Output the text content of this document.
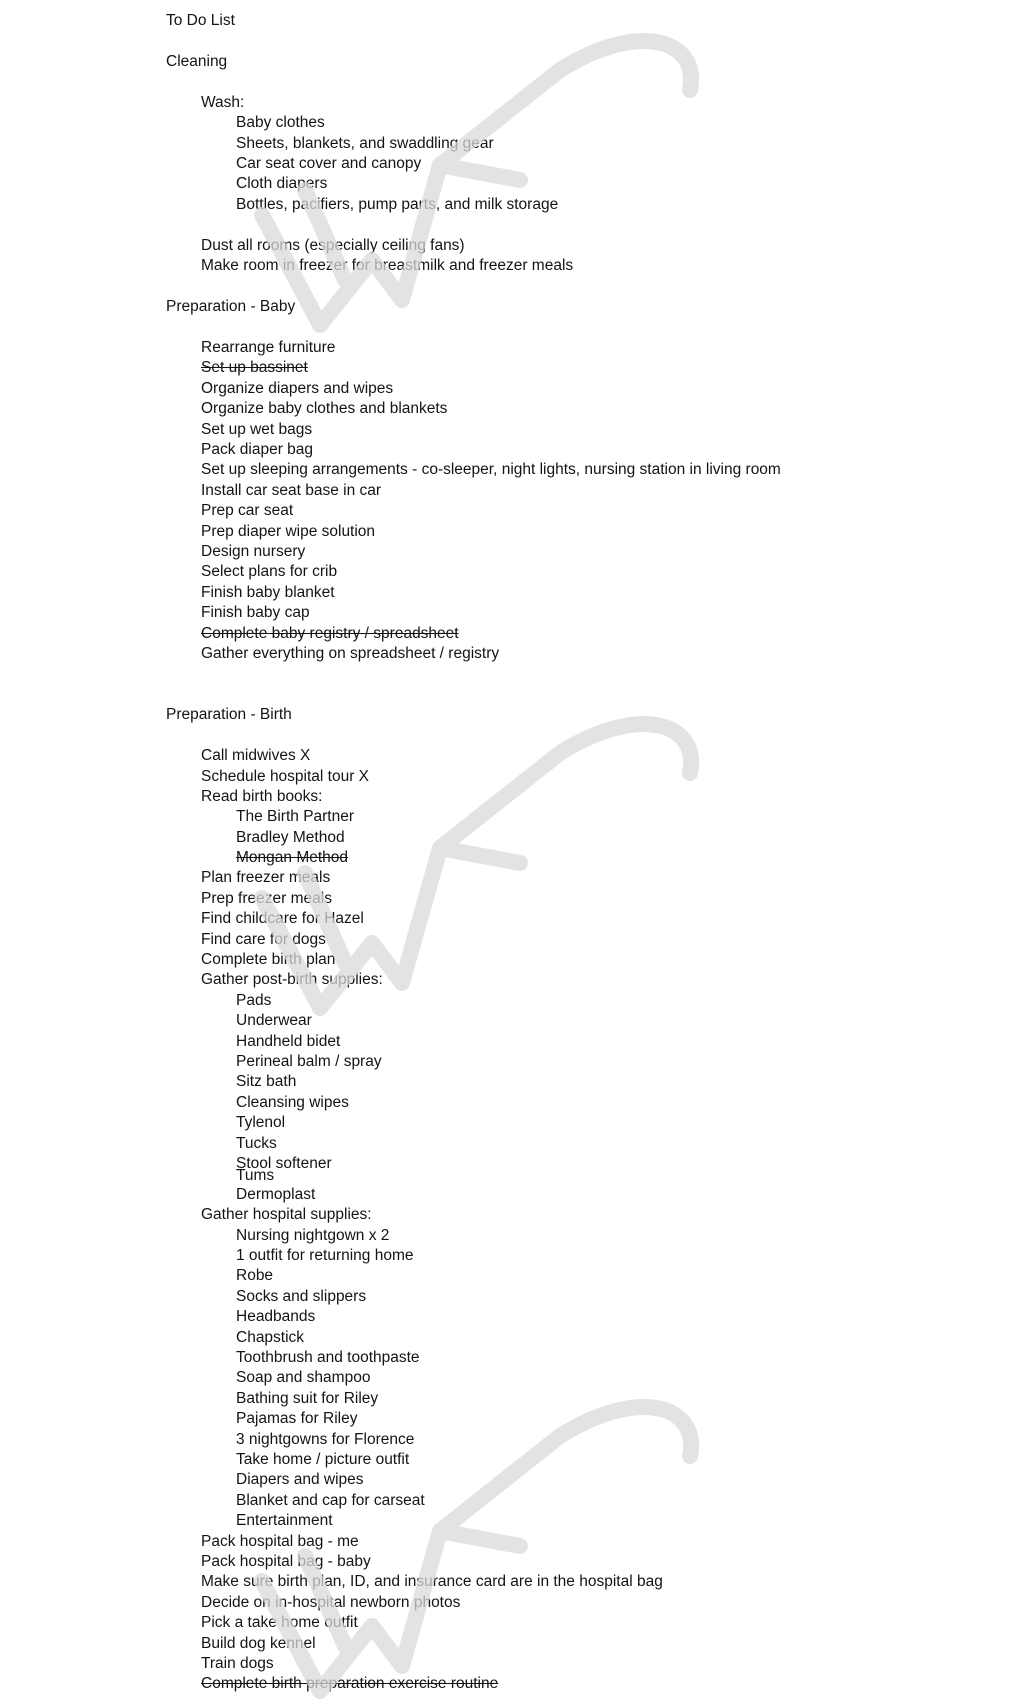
To Do List
Cleaning
Wash:
Baby clothes
Sheets, blankets, and swaddling gear
Car seat cover and canopy
Cloth diapers
Bottles, pacifiers, pump parts, and milk storage
Dust all rooms (especially ceiling fans)
Make room in freezer for breastmilk and freezer meals
Preparation - Baby
Rearrange furniture
Set up bassinet
Organize diapers and wipes
Organize baby clothes and blankets
Set up wet bags
Pack diaper bag
Set up sleeping arrangements - co-sleeper, night lights, nursing station in living room
Install car seat base in car
Prep car seat
Prep diaper wipe solution
Design nursery
Select plans for crib
Finish baby blanket
Finish baby cap
Complete baby registry / spreadsheet
Gather everything on spreadsheet / registry
Preparation - Birth
Call midwives X
Schedule hospital tour X
Read birth books:
The Birth Partner
Bradley Method
Mongan Method
Plan freezer meals
Prep freezer meals
Find childcare for Hazel
Find care for dogs
Complete birth plan
Gather post-birth supplies:
Pads
Underwear
Handheld bidet
Perineal balm / spray
Sitz bath
Cleansing wipes
Tylenol
Tucks
Stool softener
Tums
Dermoplast
Gather hospital supplies:
Nursing nightgown x 2
1 outfit for returning home
Robe
Socks and slippers
Headbands
Chapstick
Toothbrush and toothpaste
Soap and shampoo
Bathing suit for Riley
Pajamas for Riley
3 nightgowns for Florence
Take home / picture outfit
Diapers and wipes
Blanket and cap for carseat
Entertainment
Pack hospital bag - me
Pack hospital bag - baby
Make sure birth plan, ID, and insurance card are in the hospital bag
Decide on in-hospital newborn photos
Pick a take home outfit
Build dog kennel
Train dogs
Complete birth preparation exercise routine
